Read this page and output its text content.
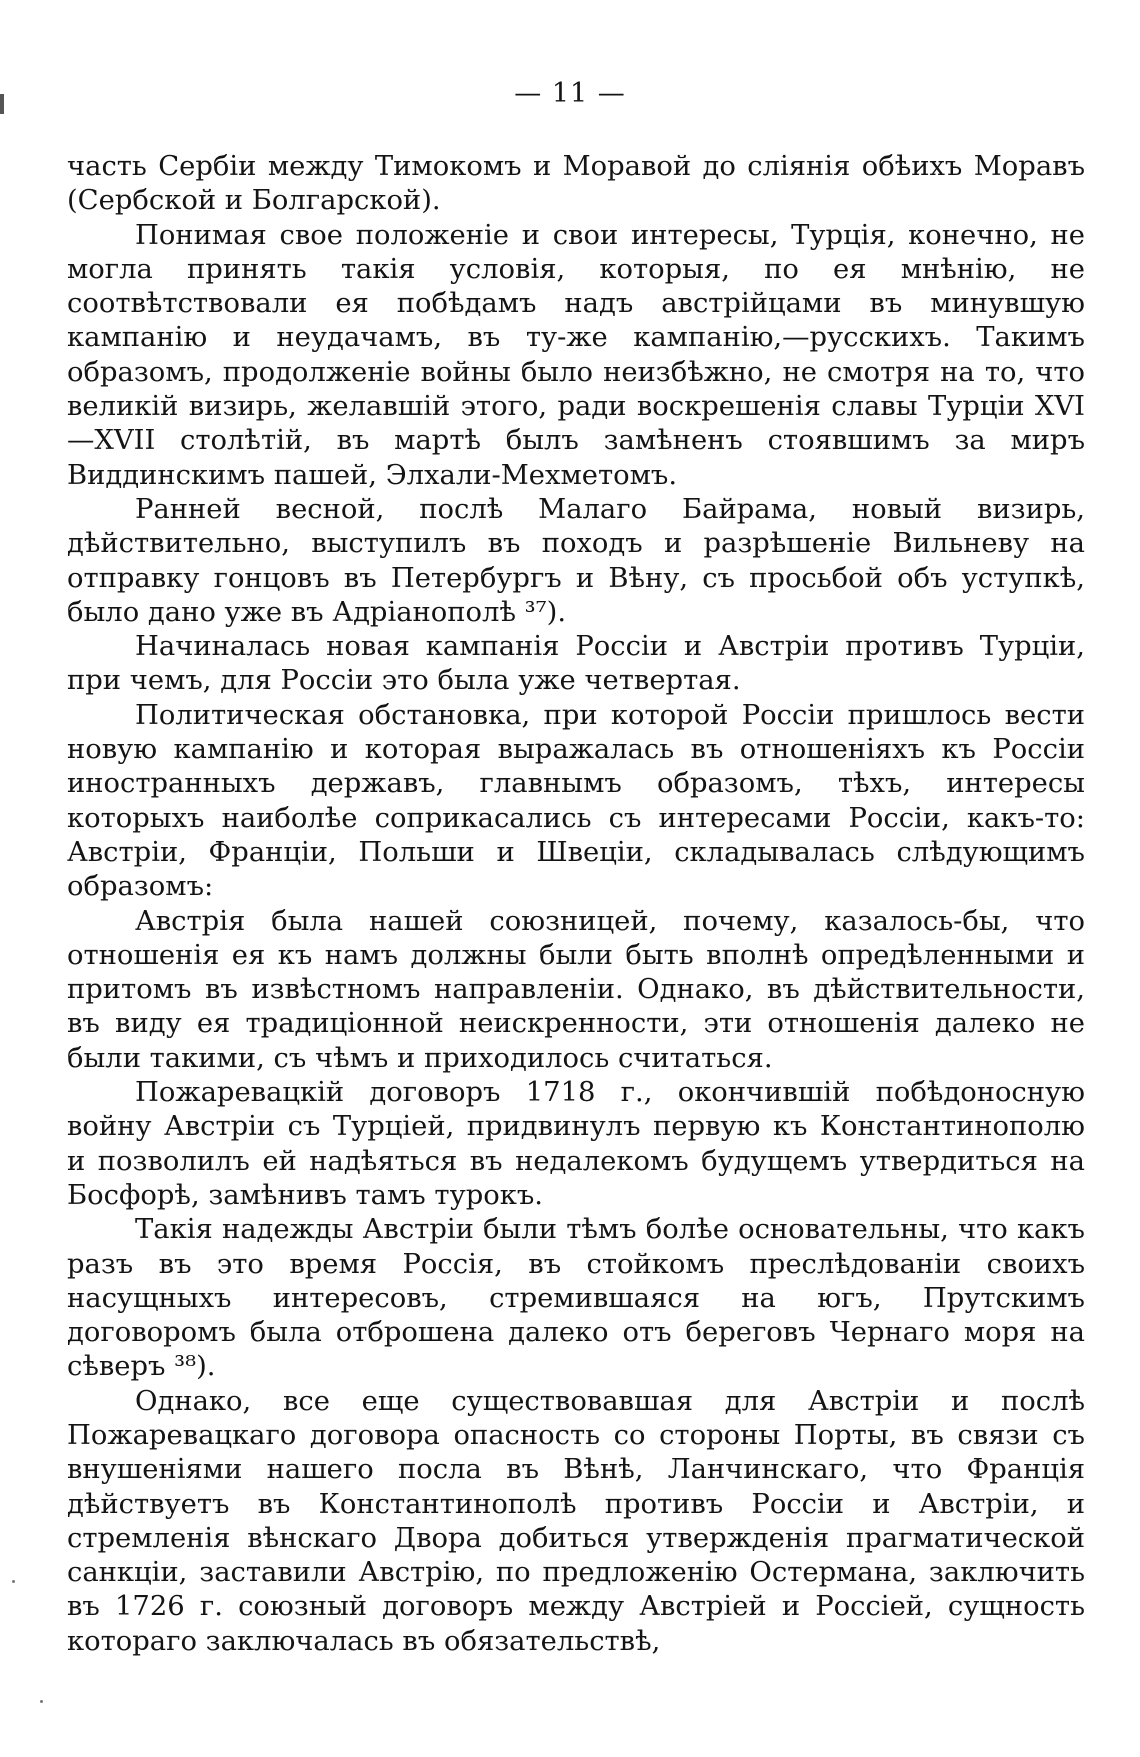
— 11 —

часть Сербіи между Тимокомъ и Моравой до сліянія обѣихъ Моравъ (Сербской и Болгарской).

Понимая свое положеніе и свои интересы, Турція, конечно, не могла принять такія условія, которыя, по ея мнѣнію, не соотвѣтствовали ея побѣдамъ надъ австрійцами въ минувшую кампанію и неудачамъ, въ ту-же кампанію,—русскихъ. Такимъ образомъ, продолженіе войны было неизбѣжно, не смотря на то, что великій визирь, желавшій этого, ради воскрешенія славы Турціи XVI—XVII столѣтій, въ мартѣ былъ замѣненъ стоявшимъ за миръ Виддинскимъ пашей, Элхали-Мехметомъ.

Ранней весной, послѣ Малаго Байрама, новый визирь, дѣйствительно, выступилъ въ походъ и разрѣшеніе Вильневу на отправку гонцовъ въ Петербургъ и Вѣну, съ просьбой объ уступкѣ, было дано уже въ Адріанополѣ ³⁷).

Начиналась новая кампанія Россіи и Австріи противъ Турціи, при чемъ, для Россіи это была уже четвертая.

Политическая обстановка, при которой Россіи пришлось вести новую кампанію и которая выражалась въ отношеніяхъ къ Россіи иностранныхъ державъ, главнымъ образомъ, тѣхъ, интересы которыхъ наиболѣе соприкасались съ интересами Россіи, какъ-то: Австріи, Франціи, Польши и Швеціи, складывалась слѣдующимъ образомъ:

Австрія была нашей союзницей, почему, казалось-бы, что отношенія ея къ намъ должны были быть вполнѣ опредѣленными и притомъ въ извѣстномъ направленіи. Однако, въ дѣйствительности, въ виду ея традиціонной неискренности, эти отношенія далеко не были такими, съ чѣмъ и приходилось считаться.

Пожаревацкій договоръ 1718 г., окончившій побѣдоносную войну Австріи съ Турціей, придвинулъ первую къ Константинополю и позволилъ ей надѣяться въ недалекомъ будущемъ утвердиться на Босфорѣ, замѣнивъ тамъ турокъ.

Такія надежды Австріи были тѣмъ болѣе основательны, что какъ разъ въ это время Россія, въ стойкомъ преслѣдованіи своихъ насущныхъ интересовъ, стремившаяся на югъ, Прутскимъ договоромъ была отброшена далеко отъ береговъ Чернаго моря на сѣверъ ³⁸).

Однако, все еще существовавшая для Австріи и послѣ Пожаревацкаго договора опасность со стороны Порты, въ связи съ внушеніями нашего посла въ Вѣнѣ, Ланчинскаго, что Франція дѣйствуетъ въ Константинополѣ противъ Россіи и Австріи, и стремленія вѣнскаго Двора добиться утвержденія прагматической санкціи, заставили Австрію, по предложенію Остермана, заключить въ 1726 г. союзный договоръ между Австріей и Россіей, сущность котораго заключалась въ обязательствѣ,
